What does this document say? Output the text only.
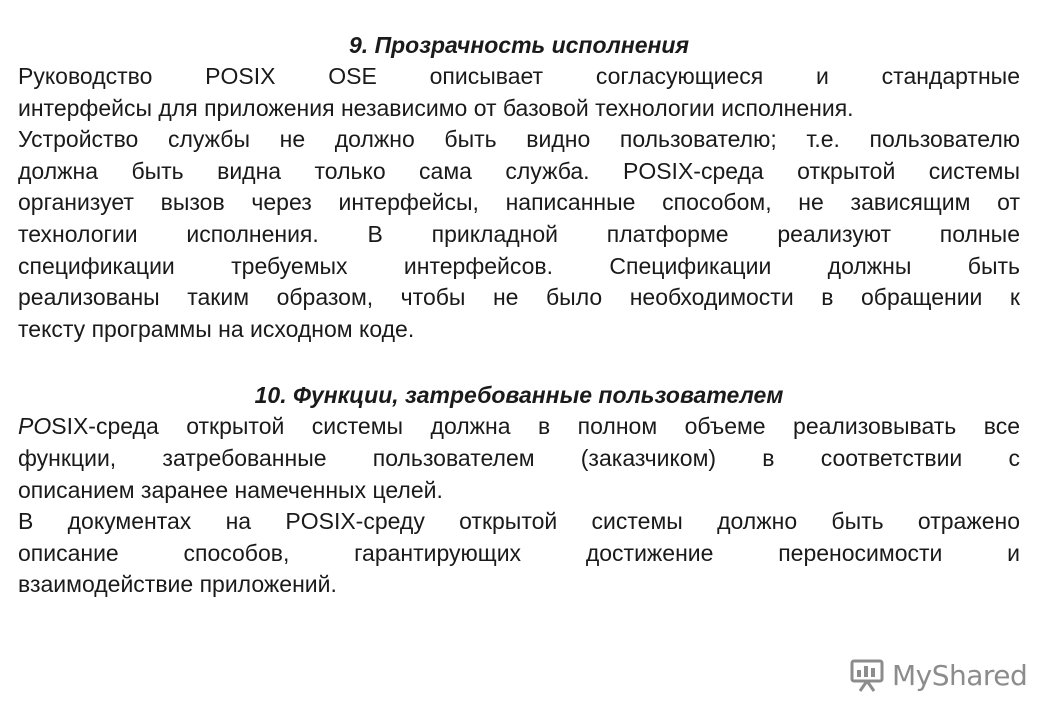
9. Прозрачность исполнения
Руководство POSIX OSE описывает согласующиеся и стандартные
интерфейсы для приложения независимо от базовой технологии исполнения.
Устройство службы не должно быть видно пользователю; т.е. пользователю
должна быть видна только сама служба. POSIX-среда открытой системы
организует вызов через интерфейсы, написанные способом, не зависящим от
технологии исполнения. В прикладной платформе реализуют полные
спецификации требуемых интерфейсов. Спецификации должны быть
реализованы таким образом, чтобы не было необходимости в обращении к
тексту программы на исходном коде.
10. Функции, затребованные пользователем
POSIX-среда открытой системы должна в полном объеме реализовывать все
функции, затребованные пользователем (заказчиком) в соответствии с
описанием заранее намеченных целей.
В документах на POSIX-среду открытой системы должно быть отражено
описание способов, гарантирующих достижение переносимости и
взаимодействие приложений.
MyShared
